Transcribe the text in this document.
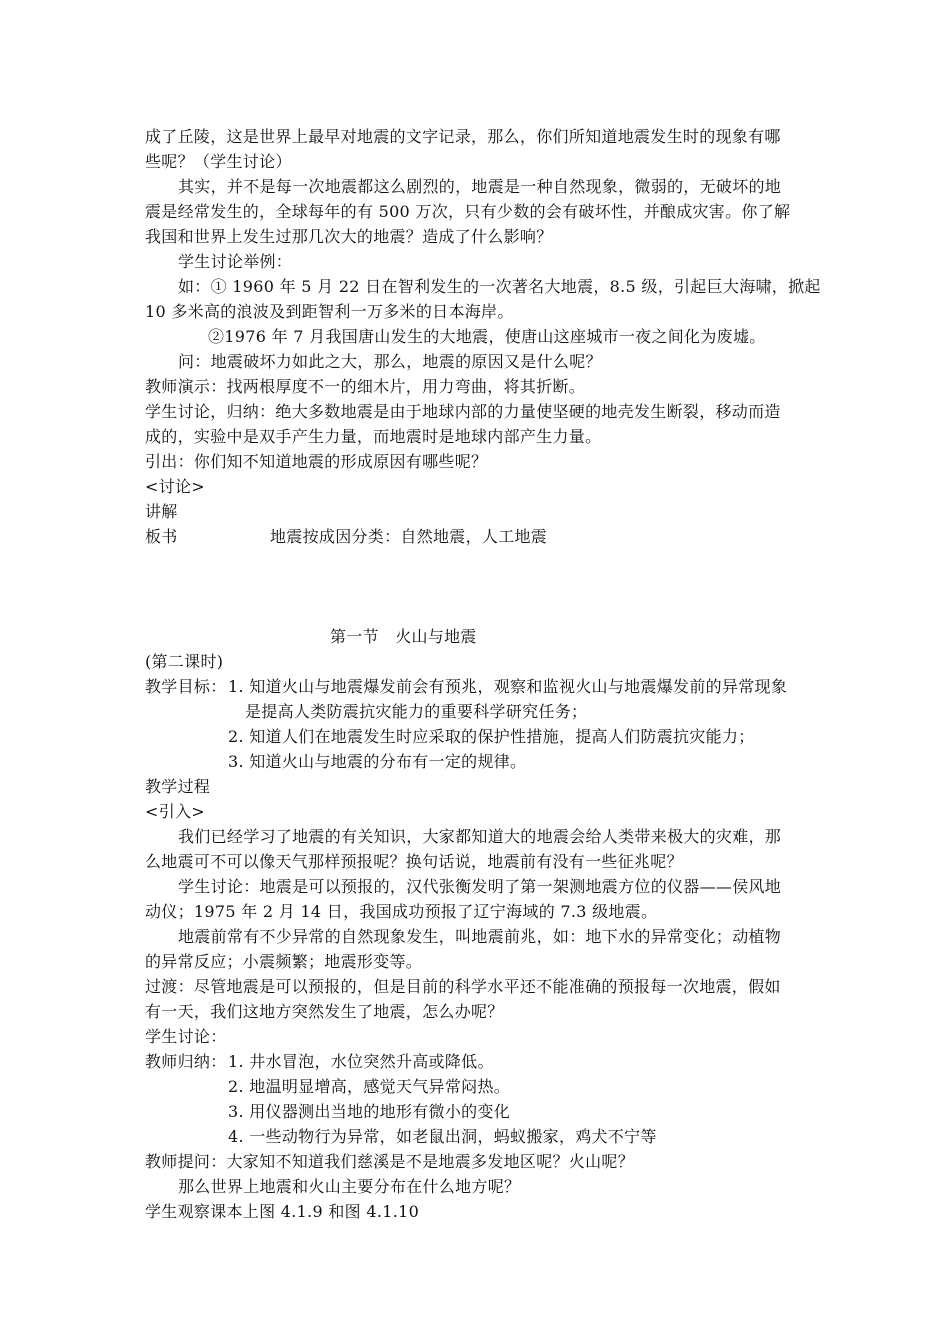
成了丘陵，这是世界上最早对地震的文字记录，那么，你们所知道地震发生时的现象有哪
些呢？（学生讨论）
其实，并不是每一次地震都这么剧烈的，地震是一种自然现象，微弱的，无破坏的地
震是经常发生的，全球每年的有 500 万次，只有少数的会有破坏性，并酿成灾害。你了解
我国和世界上发生过那几次大的地震？造成了什么影响？
学生讨论举例：
如：① 1960 年 5 月 22 日在智利发生的一次著名大地震，8.5 级，引起巨大海啸，掀起
10 多米高的浪波及到距智利一万多米的日本海岸。
②1976 年 7 月我国唐山发生的大地震，使唐山这座城市一夜之间化为废墟。
问：地震破坏力如此之大，那么，地震的原因又是什么呢？
教师演示：找两根厚度不一的细木片，用力弯曲，将其折断。
学生讨论，归纳：绝大多数地震是由于地球内部的力量使坚硬的地壳发生断裂，移动而造
成的，实验中是双手产生力量，而地震时是地球内部产生力量。
引出：你们知不知道地震的形成原因有哪些呢？
<讨论>
讲解
板书	地震按成因分类：自然地震，人工地震
第一节　火山与地震
(第二课时)
教学目标： 1. 知道火山与地震爆发前会有预兆，观察和监视火山与地震爆发前的异常现象
是提高人类防震抗灾能力的重要科学研究任务；
2. 知道人们在地震发生时应采取的保护性措施，提高人们防震抗灾能力；
3. 知道火山与地震的分布有一定的规律。
教学过程
<引入>
我们已经学习了地震的有关知识，大家都知道大的地震会给人类带来极大的灾难，那
么地震可不可以像天气那样预报呢？换句话说，地震前有没有一些征兆呢？
学生讨论：地震是可以预报的，汉代张衡发明了第一架测地震方位的仪器——侯风地
动仪；1975 年 2 月 14 日，我国成功预报了辽宁海域的 7.3 级地震。
地震前常有不少异常的自然现象发生，叫地震前兆，如：地下水的异常变化；动植物
的异常反应；小震频繁；地震形变等。
过渡：尽管地震是可以预报的，但是目前的科学水平还不能准确的预报每一次地震，假如
有一天，我们这地方突然发生了地震，怎么办呢？
学生讨论：
教师归纳： 1. 井水冒泡，水位突然升高或降低。
2. 地温明显增高，感觉天气异常闷热。
3. 用仪器测出当地的地形有微小的变化
4. 一些动物行为异常，如老鼠出洞，蚂蚁搬家，鸡犬不宁等
教师提问：大家知不知道我们慈溪是不是地震多发地区呢？火山呢？
那么世界上地震和火山主要分布在什么地方呢？
学生观察课本上图 4.1.9 和图 4.1.10
